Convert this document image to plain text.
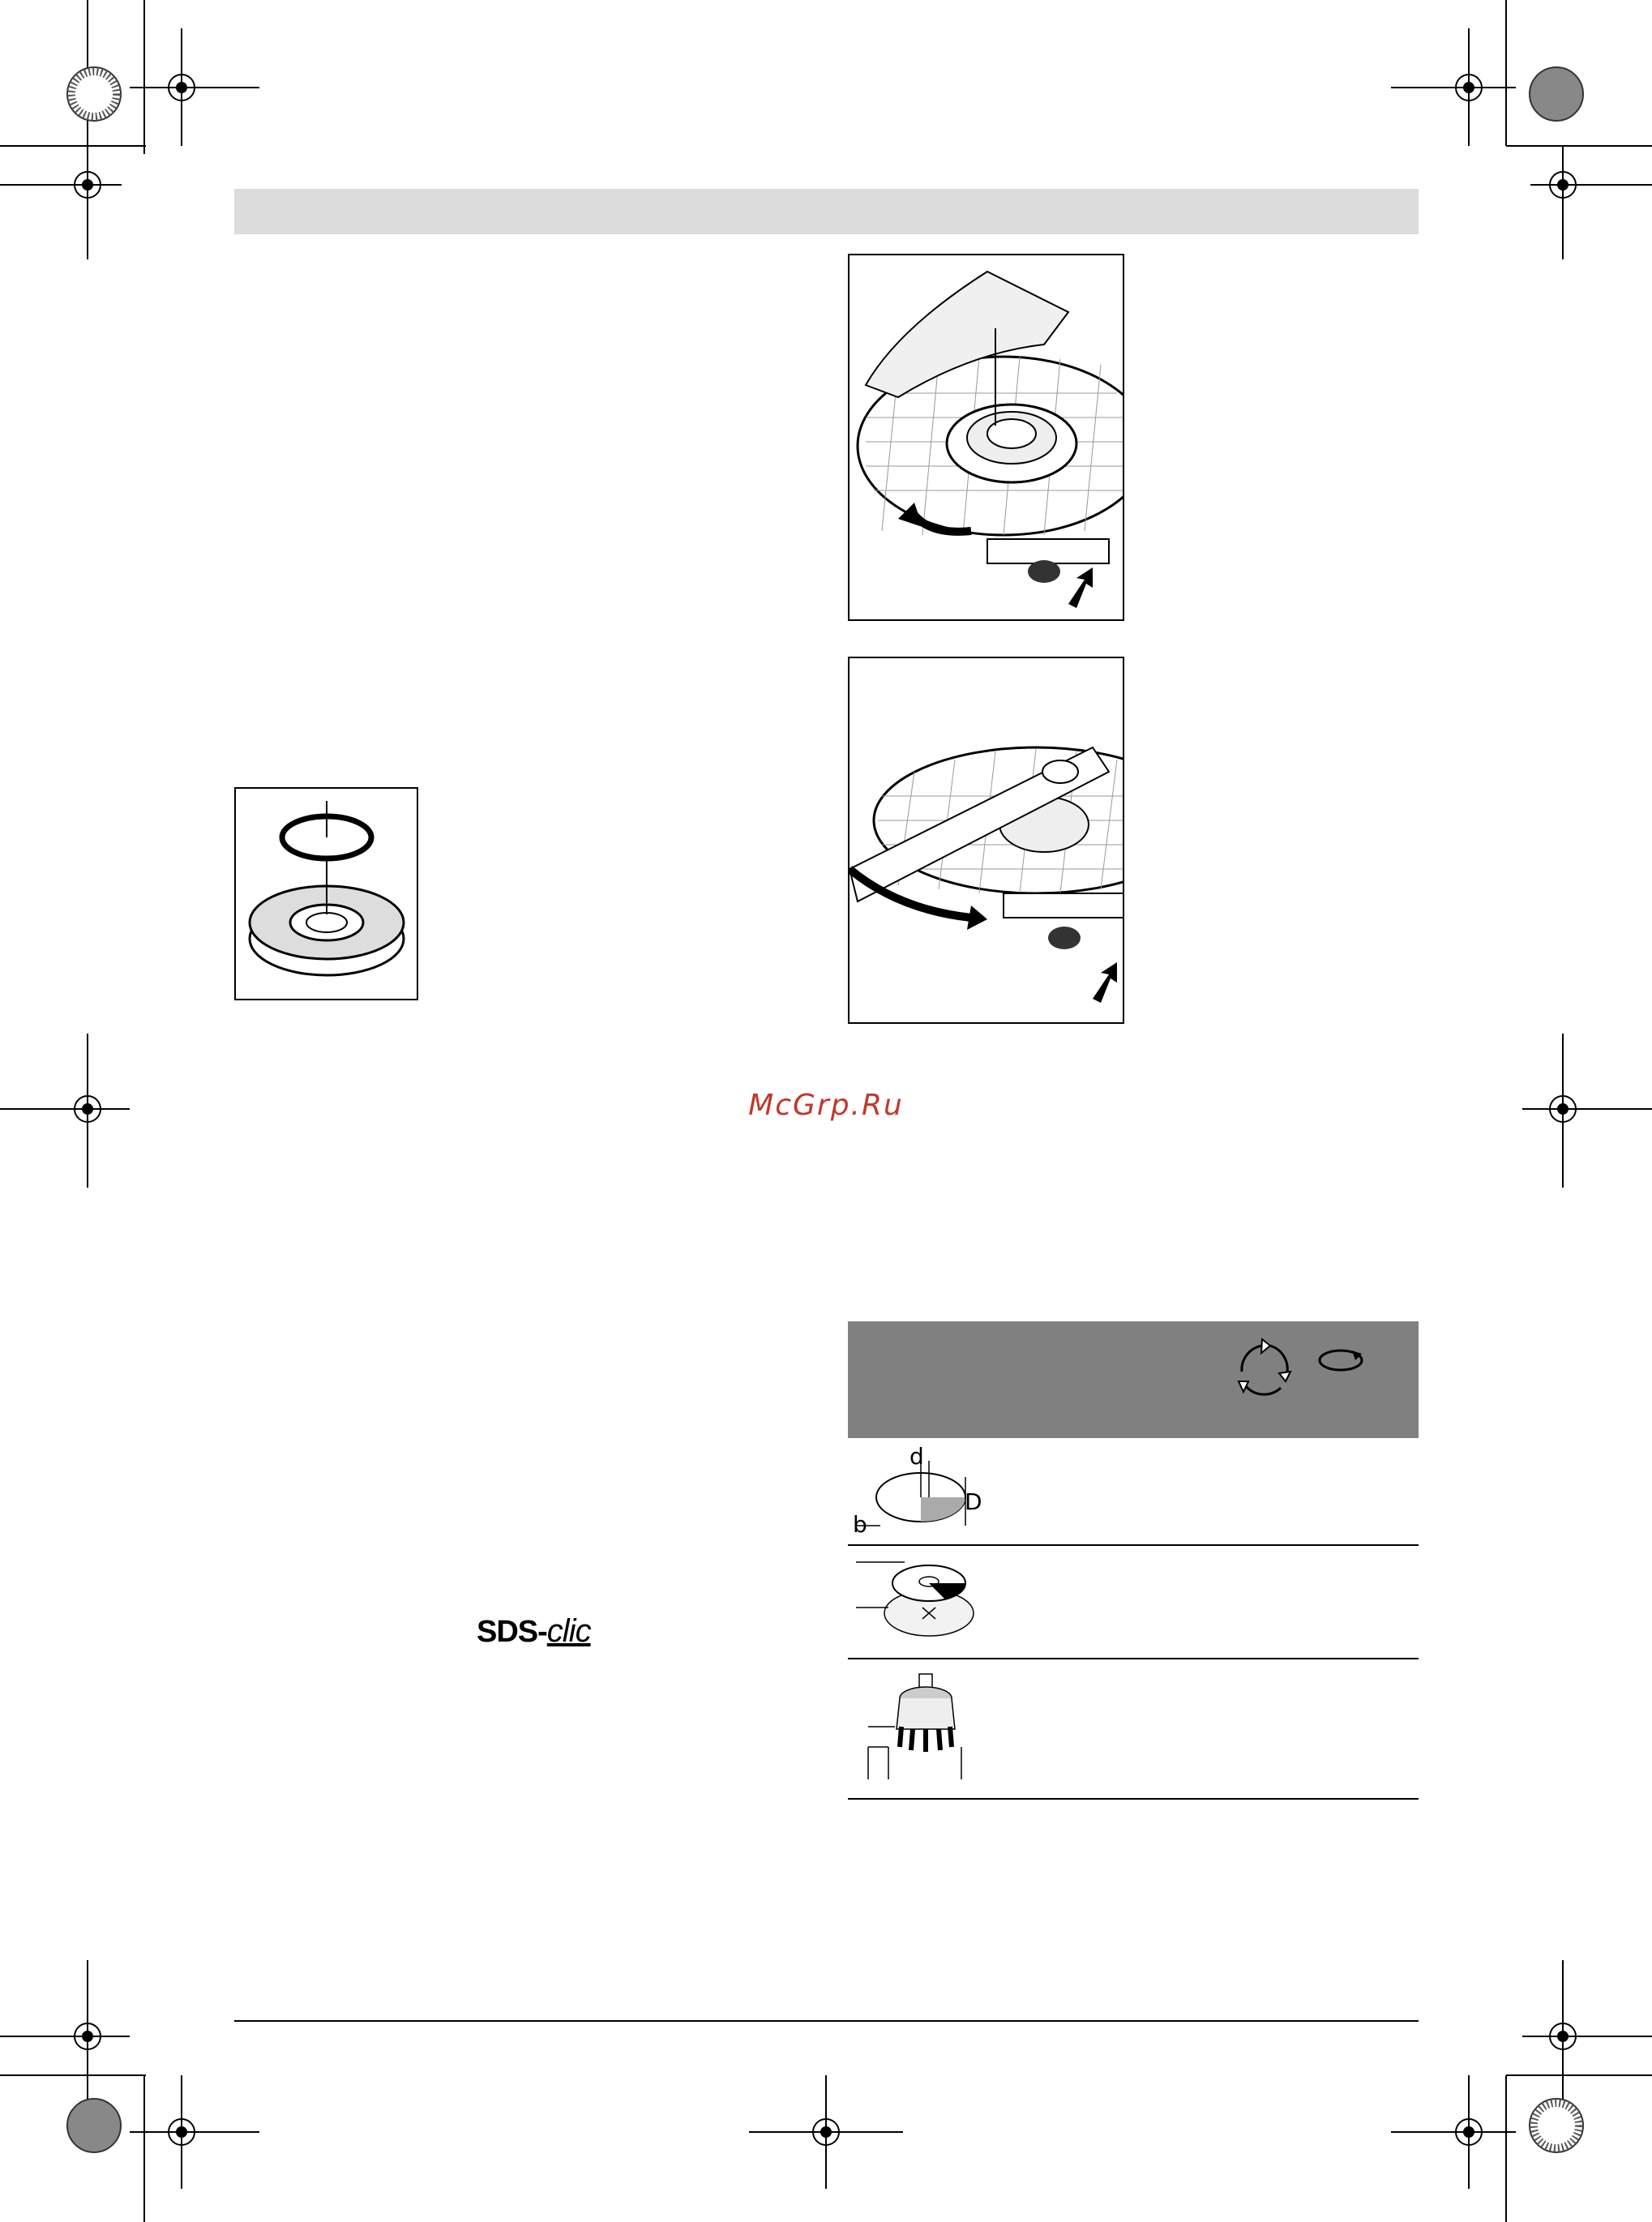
McGrp.Ru
SDS-clic
d
D
b
